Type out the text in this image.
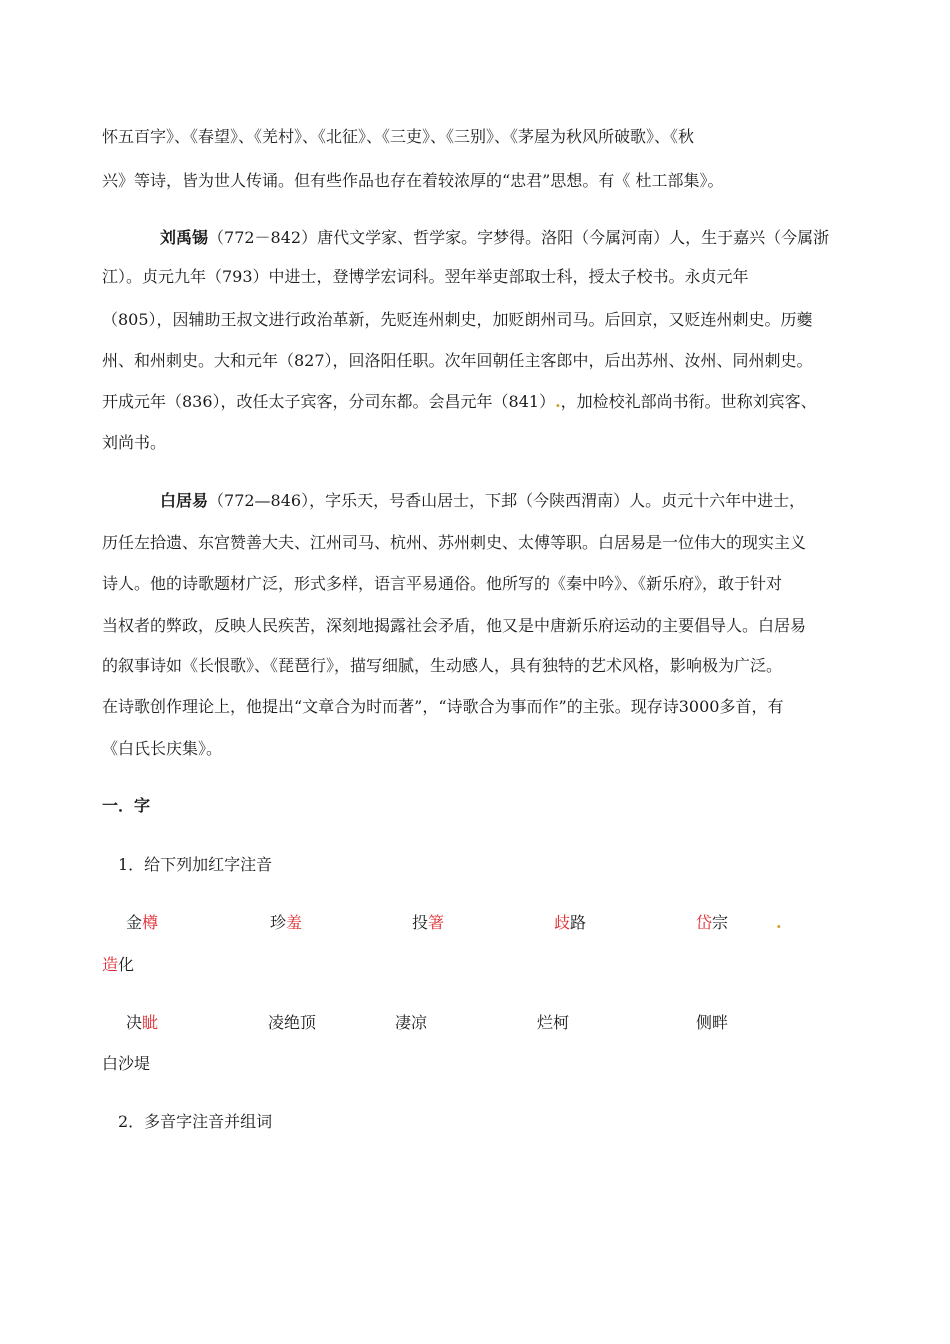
怀五百字》、《春望》、《羌村》、《北征》、《三吏》、《三别》、《茅屋为秋风所破歌》、《秋
兴》等诗，皆为世人传诵。但有些作品也存在着较浓厚的“忠君”思想。有《 杜工部集》。
刘禹锡（772－842）唐代文学家、哲学家。字梦得。洛阳（今属河南）人，生于嘉兴（今属浙
江）。贞元九年（793）中进士，登博学宏词科。翌年举吏部取士科，授太子校书。永贞元年
（805），因辅助王叔文进行政治革新，先贬连州刺史，加贬朗州司马。后回京，又贬连州刺史。历夔
州、和州刺史。大和元年（827），回洛阳任职。次年回朝任主客郎中，后出苏州、汝州、同州刺史。
开成元年（836），改任太子宾客，分司东都。会昌元年（841）.，加检校礼部尚书衔。世称刘宾客、
刘尚书。
白居易（772—846），字乐天，号香山居士，下邽（今陕西渭南）人。贞元十六年中进士，
历任左拾遗、东宫赞善大夫、江州司马、杭州、苏州刺史、太傅等职。白居易是一位伟大的现实主义
诗人。他的诗歌题材广泛，形式多样，语言平易通俗。他所写的《秦中吟》、《新乐府》，敢于针对
当权者的弊政，反映人民疾苦，深刻地揭露社会矛盾，他又是中唐新乐府运动的主要倡导人。白居易
的叙事诗如《长恨歌》、《琵琶行》，描写细腻，生动感人，具有独特的艺术风格，影响极为广泛。
在诗歌创作理论上，他提出“文章合为时而著”，“诗歌合为事而作”的主张。现存诗3000多首，有
《白氏长庆集》。
一．字
1．给下列加红字注音
金樽	珍羞	投箸	歧路	岱宗	.
造化
决眦	凌绝顶	凄凉	烂柯	侧畔
白沙堤
2．多音字注音并组词
